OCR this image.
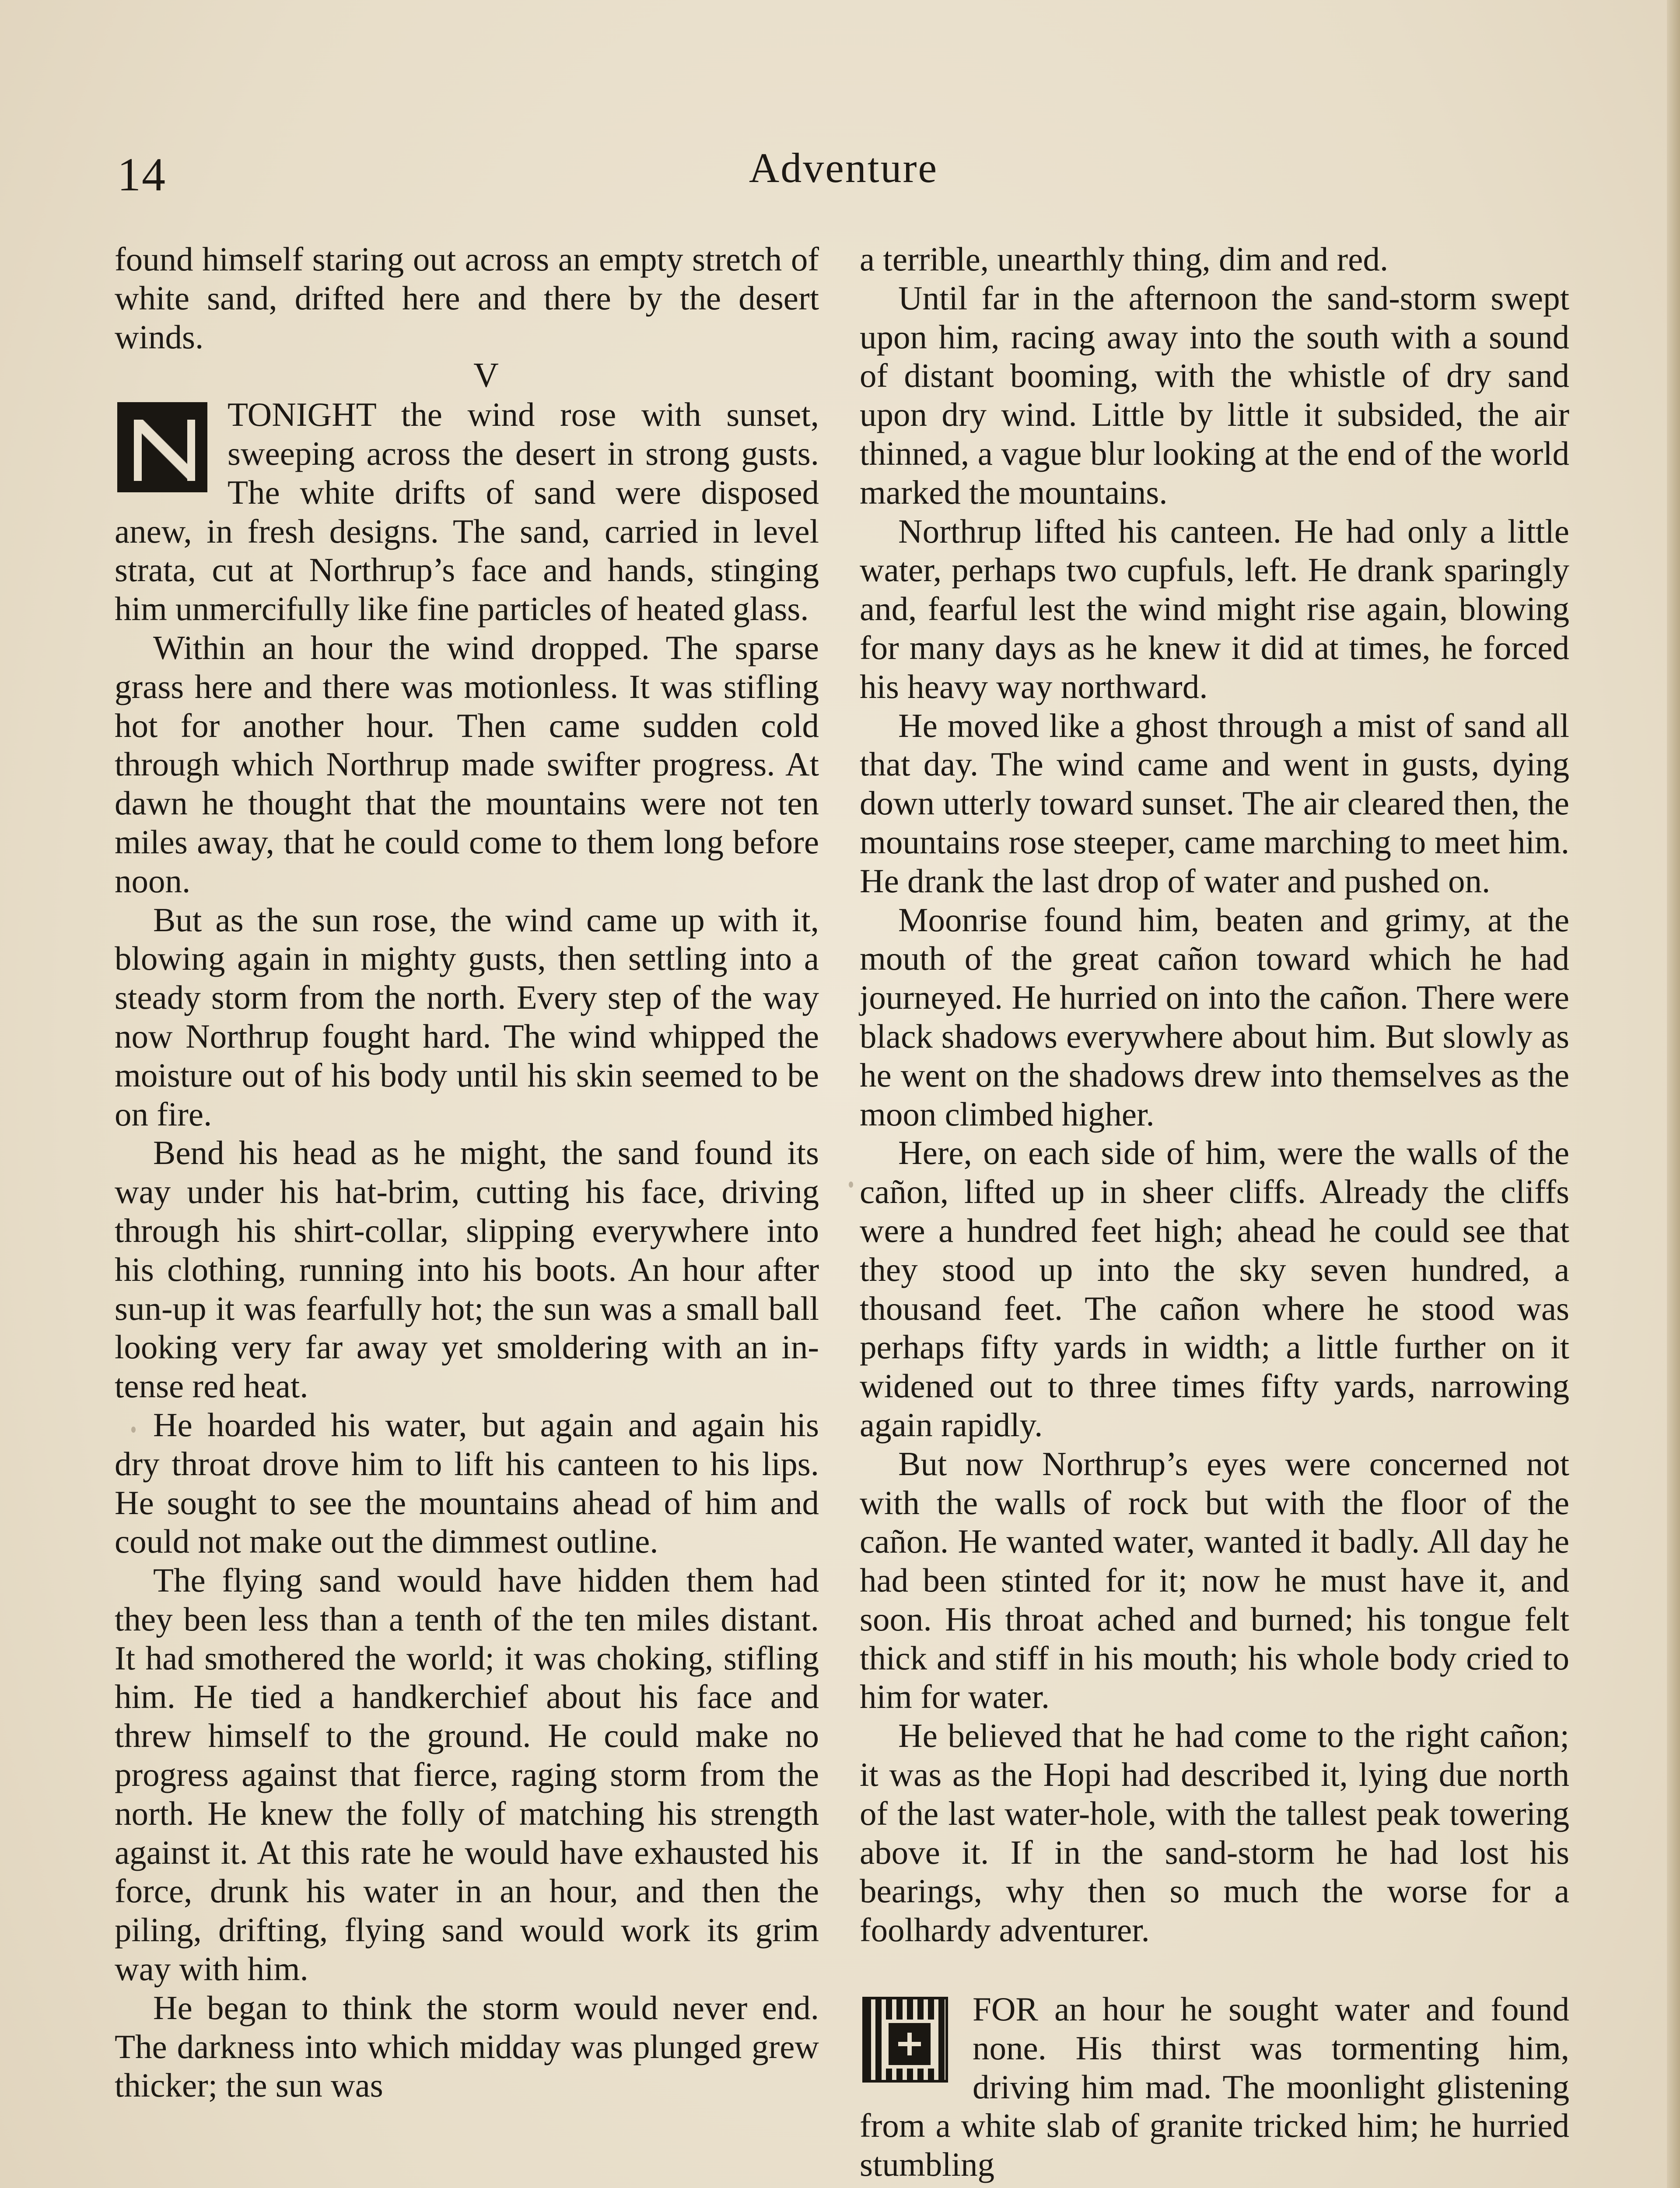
14	Adventure

found himself staring out across an empty stretch of white sand, drifted here and there by the desert winds.

V

TONIGHT the wind rose with sunset, sweeping across the desert in strong gusts. The white drifts of sand were disposed anew, in fresh designs. The sand, carried in level strata, cut at Northrup’s face and hands, stinging him unmercifully like fine particles of heated glass.

Within an hour the wind dropped. The sparse grass here and there was motionless. It was stifling hot for another hour. Then came sudden cold through which Northrup made swifter progress. At dawn he thought that the mountains were not ten miles away, that he could come to them long before noon.

But as the sun rose, the wind came up with it, blowing again in mighty gusts, then settling into a steady storm from the north. Every step of the way now Northrup fought hard. The wind whipped the moisture out of his body until his skin seemed to be on fire.

Bend his head as he might, the sand found its way under his hat-brim, cutting his face, driving through his shirt-collar, slipping everywhere into his clothing, running into his boots. An hour after sun-up it was fearfully hot; the sun was a small ball looking very far away yet smoldering with an intense red heat.

He hoarded his water, but again and again his dry throat drove him to lift his canteen to his lips. He sought to see the mountains ahead of him and could not make out the dimmest outline.

The flying sand would have hidden them had they been less than a tenth of the ten miles distant. It had smothered the world; it was choking, stifling him. He tied a handkerchief about his face and threw himself to the ground. He could make no progress against that fierce, raging storm from the north. He knew the folly of matching his strength against it. At this rate he would have exhausted his force, drunk his water in an hour, and then the piling, drifting, flying sand would work its grim way with him.

He began to think the storm would never end. The darkness into which midday was plunged grew thicker; the sun was

a terrible, unearthly thing, dim and red.

Until far in the afternoon the sand-storm swept upon him, racing away into the south with a sound of distant booming, with the whistle of dry sand upon dry wind. Little by little it subsided, the air thinned, a vague blur looking at the end of the world marked the mountains.

Northrup lifted his canteen. He had only a little water, perhaps two cupfuls, left. He drank sparingly and, fearful lest the wind might rise again, blowing for many days as he knew it did at times, he forced his heavy way northward.

He moved like a ghost through a mist of sand all that day. The wind came and went in gusts, dying down utterly toward sunset. The air cleared then, the mountains rose steeper, came marching to meet him. He drank the last drop of water and pushed on.

Moonrise found him, beaten and grimy, at the mouth of the great cañon toward which he had journeyed. He hurried on into the cañon. There were black shadows everywhere about him. But slowly as he went on the shadows drew into themselves as the moon climbed higher.

Here, on each side of him, were the walls of the cañon, lifted up in sheer cliffs. Already the cliffs were a hundred feet high; ahead he could see that they stood up into the sky seven hundred, a thousand feet. The cañon where he stood was perhaps fifty yards in width; a little further on it widened out to three times fifty yards, narrowing again rapidly.

But now Northrup’s eyes were concerned not with the walls of rock but with the floor of the cañon. He wanted water, wanted it badly. All day he had been stinted for it; now he must have it, and soon. His throat ached and burned; his tongue felt thick and stiff in his mouth; his whole body cried to him for water.

He believed that he had come to the right cañon; it was as the Hopi had described it, lying due north of the last water-hole, with the tallest peak towering above it. If in the sand-storm he had lost his bearings, why then so much the worse for a foolhardy adventurer.

FOR an hour he sought water and found none. His thirst was tormenting him, driving him mad. The moonlight glistening from a white slab of granite tricked him; he hurried stumbling
